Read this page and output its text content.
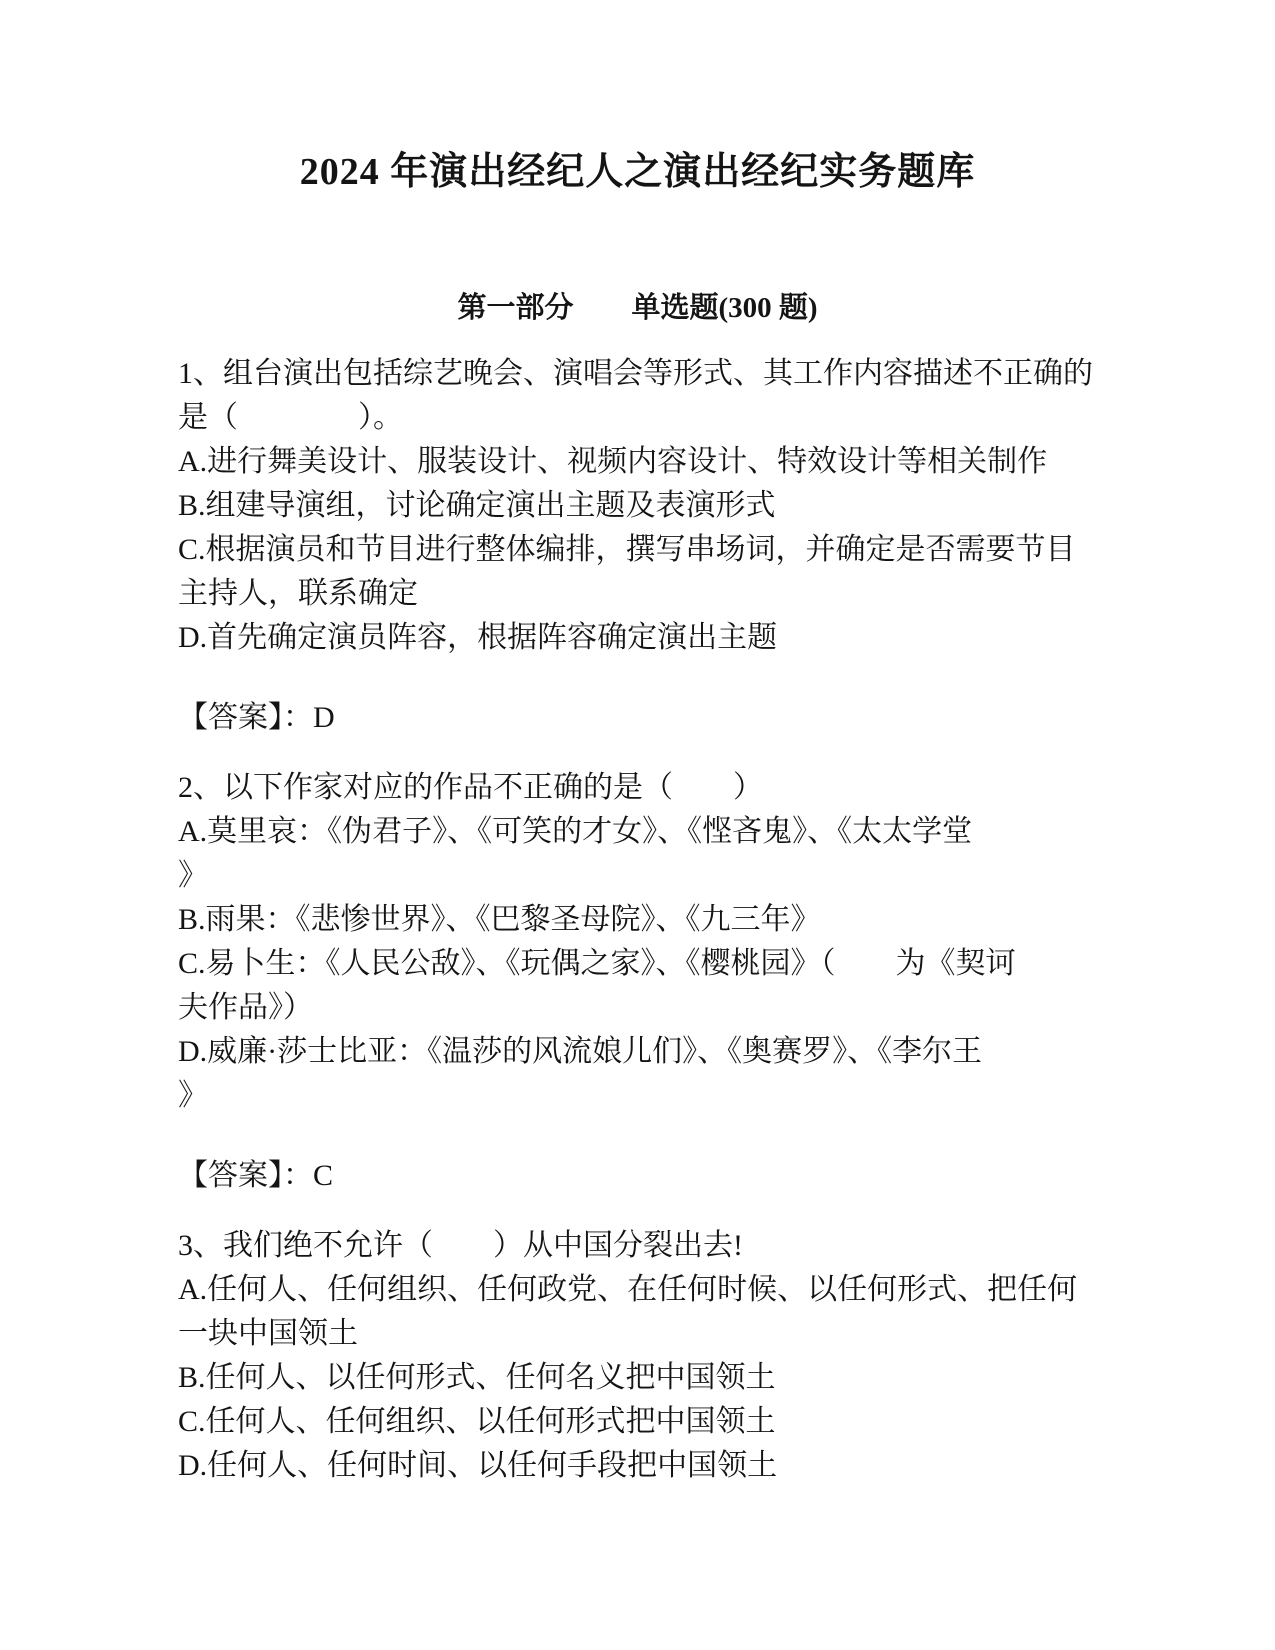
2024 年演出经纪人之演出经纪实务题库
第一部分　　单选题(300 题)
1、组台演出包括综艺晚会、演唱会等形式、其工作内容描述不正确的
是（　　　　）。
A.进行舞美设计、服装设计、视频内容设计、特效设计等相关制作
B.组建导演组，讨论确定演出主题及表演形式
C.根据演员和节目进行整体编排，撰写串场词，并确定是否需要节目
主持人，联系确定
D.首先确定演员阵容，根据阵容确定演出主题
【答案】：D
2、以下作家对应的作品不正确的是（　　）
A.莫里哀：《伪君子》、《可笑的才女》、《悭吝鬼》、《太太学堂
》
B.雨果：《悲惨世界》、《巴黎圣母院》、《九三年》
C.易卜生：《人民公敌》、《玩偶之家》、《樱桃园》（　　为《契诃
夫作品》）
D.威廉·莎士比亚：《温莎的风流娘儿们》、《奥赛罗》、《李尔王
》
【答案】：C
3、我们绝不允许（　　）从中国分裂出去!
A.任何人、任何组织、任何政党、在任何时候、以任何形式、把任何
一块中国领土
B.任何人、以任何形式、任何名义把中国领土
C.任何人、任何组织、以任何形式把中国领土
D.任何人、任何时间、以任何手段把中国领土
